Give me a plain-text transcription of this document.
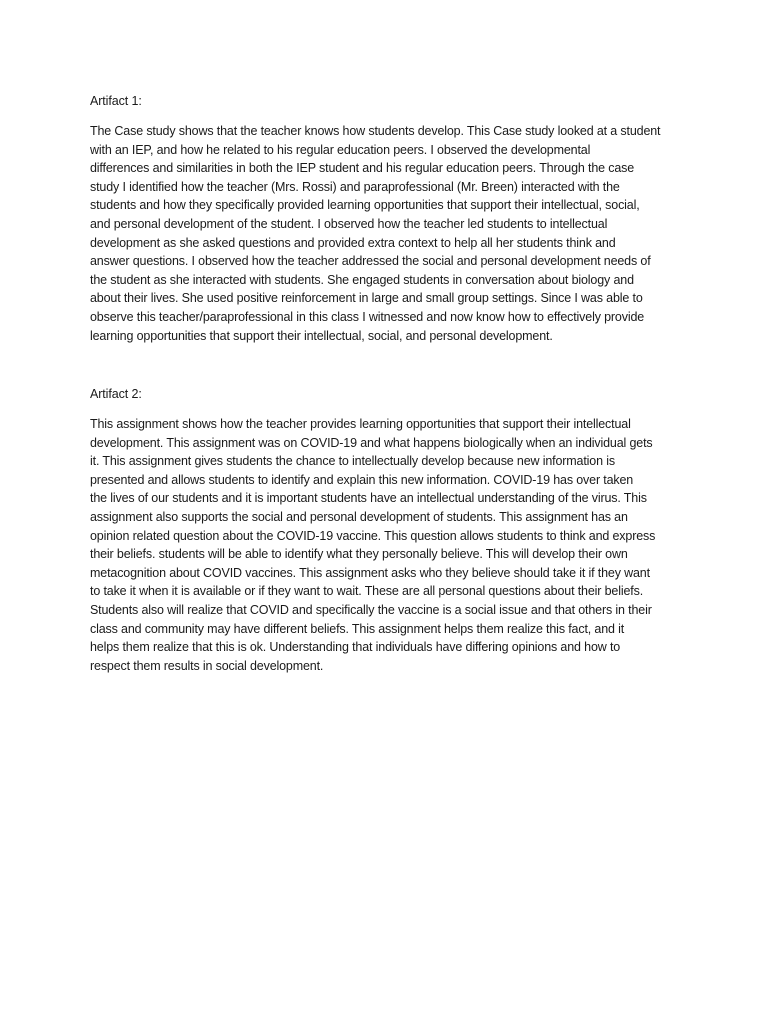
Artifact 1:
The Case study shows that the teacher knows how students develop. This Case study looked at a student
with an IEP, and how he related to his regular education peers. I observed the developmental
differences and similarities in both the IEP student and his regular education peers. Through the case
study I identified how the teacher (Mrs. Rossi) and paraprofessional (Mr. Breen) interacted with the
students and how they specifically provided learning opportunities that support their intellectual, social,
and personal development of the student. I observed how the teacher led students to intellectual
development as she asked questions and provided extra context to help all her students think and
answer questions. I observed how the teacher addressed the social and personal development needs of
the student as she interacted with students. She engaged students in conversation about biology and
about their lives. She used positive reinforcement in large and small group settings. Since I was able to
observe this teacher/paraprofessional in this class I witnessed and now know how to effectively provide
learning opportunities that support their intellectual, social, and personal development.
Artifact 2:
This assignment shows how the teacher provides learning opportunities that support their intellectual
development. This assignment was on COVID-19 and what happens biologically when an individual gets
it. This assignment gives students the chance to intellectually develop because new information is
presented and allows students to identify and explain this new information. COVID-19 has over taken
the lives of our students and it is important students have an intellectual understanding of the virus. This
assignment also supports the social and personal development of students. This assignment has an
opinion related question about the COVID-19 vaccine. This question allows students to think and express
their beliefs. students will be able to identify what they personally believe. This will develop their own
metacognition about COVID vaccines. This assignment asks who they believe should take it if they want
to take it when it is available or if they want to wait. These are all personal questions about their beliefs.
Students also will realize that COVID and specifically the vaccine is a social issue and that others in their
class and community may have different beliefs. This assignment helps them realize this fact, and it
helps them realize that this is ok. Understanding that individuals have differing opinions and how to
respect them results in social development.
